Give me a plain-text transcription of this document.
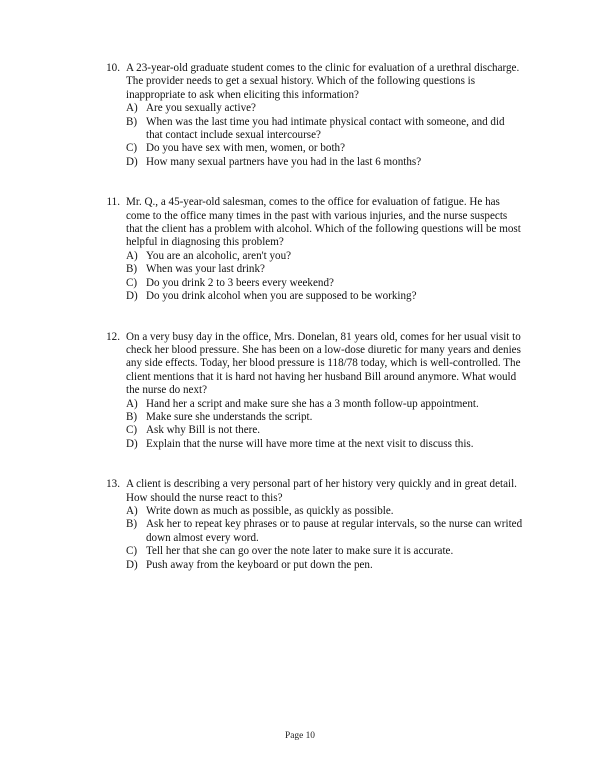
10. A 23-year-old graduate student comes to the clinic for evaluation of a urethral discharge. The provider needs to get a sexual history. Which of the following questions is inappropriate to ask when eliciting this information?
A) Are you sexually active?
B) When was the last time you had intimate physical contact with someone, and did that contact include sexual intercourse?
C) Do you have sex with men, women, or both?
D) How many sexual partners have you had in the last 6 months?
11. Mr. Q., a 45-year-old salesman, comes to the office for evaluation of fatigue. He has come to the office many times in the past with various injuries, and the nurse suspects that the client has a problem with alcohol. Which of the following questions will be most helpful in diagnosing this problem?
A) You are an alcoholic, aren't you?
B) When was your last drink?
C) Do you drink 2 to 3 beers every weekend?
D) Do you drink alcohol when you are supposed to be working?
12. On a very busy day in the office, Mrs. Donelan, 81 years old, comes for her usual visit to check her blood pressure. She has been on a low-dose diuretic for many years and denies any side effects. Today, her blood pressure is 118/78 today, which is well-controlled. The client mentions that it is hard not having her husband Bill around anymore. What would the nurse do next?
A) Hand her a script and make sure she has a 3 month follow-up appointment.
B) Make sure she understands the script.
C) Ask why Bill is not there.
D) Explain that the nurse will have more time at the next visit to discuss this.
13. A client is describing a very personal part of her history very quickly and in great detail. How should the nurse react to this?
A) Write down as much as possible, as quickly as possible.
B) Ask her to repeat key phrases or to pause at regular intervals, so the nurse can writed down almost every word.
C) Tell her that she can go over the note later to make sure it is accurate.
D) Push away from the keyboard or put down the pen.
Page 10
